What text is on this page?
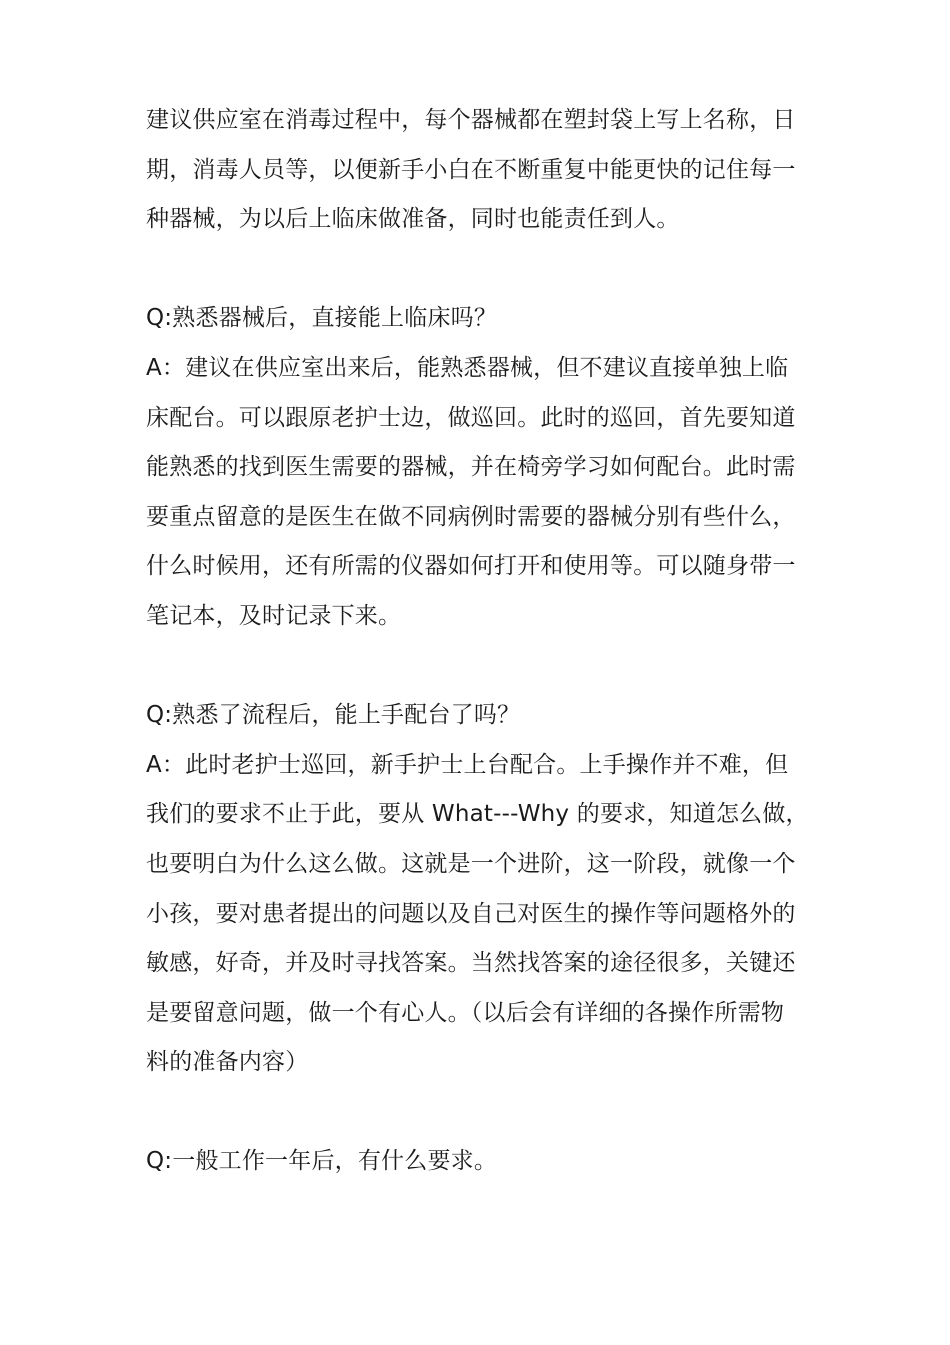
建议供应室在消毒过程中，每个器械都在塑封袋上写上名称，日
期，消毒人员等，以便新手小白在不断重复中能更快的记住每一
种器械，为以后上临床做准备，同时也能责任到人。
Q:熟悉器械后，直接能上临床吗？
A：建议在供应室出来后，能熟悉器械，但不建议直接单独上临
床配台。可以跟原老护士边，做巡回。此时的巡回，首先要知道
能熟悉的找到医生需要的器械，并在椅旁学习如何配台。此时需
要重点留意的是医生在做不同病例时需要的器械分别有些什么，
什么时候用，还有所需的仪器如何打开和使用等。可以随身带一
笔记本，及时记录下来。
Q:熟悉了流程后，能上手配台了吗？
A：此时老护士巡回，新手护士上台配合。上手操作并不难，但
我们的要求不止于此，要从 What---Why 的要求，知道怎么做，
也要明白为什么这么做。这就是一个进阶，这一阶段，就像一个
小孩，要对患者提出的问题以及自己对医生的操作等问题格外的
敏感，好奇，并及时寻找答案。当然找答案的途径很多，关键还
是要留意问题，做一个有心人。（以后会有详细的各操作所需物
料的准备内容）
Q:一般工作一年后，有什么要求。
